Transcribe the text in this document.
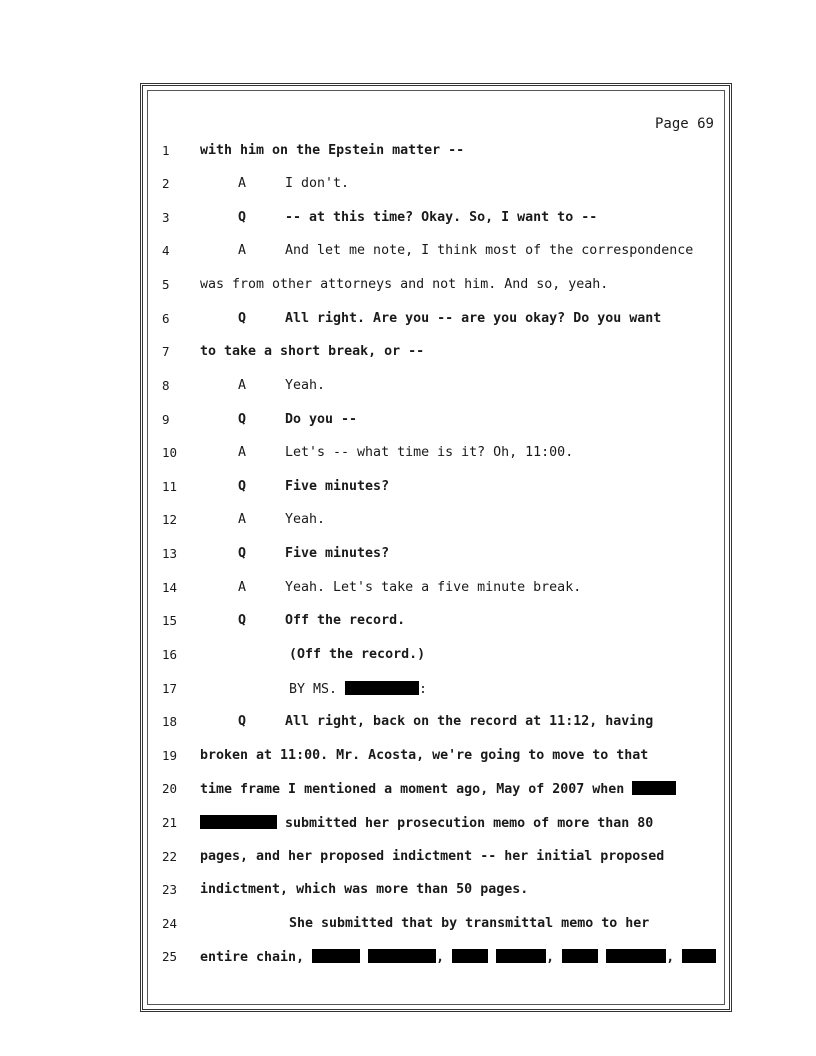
Page 69
1	with him on the Epstein matter --
2	A	I don't.
3	Q	-- at this time? Okay. So, I want to --
4	A	And let me note, I think most of the correspondence
5	was from other attorneys and not him. And so, yeah.
6	Q	All right. Are you -- are you okay? Do you want
7	to take a short break, or --
8	A	Yeah.
9	Q	Do you --
10	A	Let's -- what time is it? Oh, 11:00.
11	Q	Five minutes?
12	A	Yeah.
13	Q	Five minutes?
14	A	Yeah. Let's take a five minute break.
15	Q	Off the record.
16	(Off the record.)
17	BY MS.	:
18	Q	All right, back on the record at 11:12, having
19	broken at 11:00. Mr. Acosta, we're going to move to that
20	time frame I mentioned a moment ago, May of 2007 when
21	submitted her prosecution memo of more than 80
22	pages, and her proposed indictment -- her initial proposed
23	indictment, which was more than 50 pages.
24	She submitted that by transmittal memo to her
25	entire chain,	,	,	,
